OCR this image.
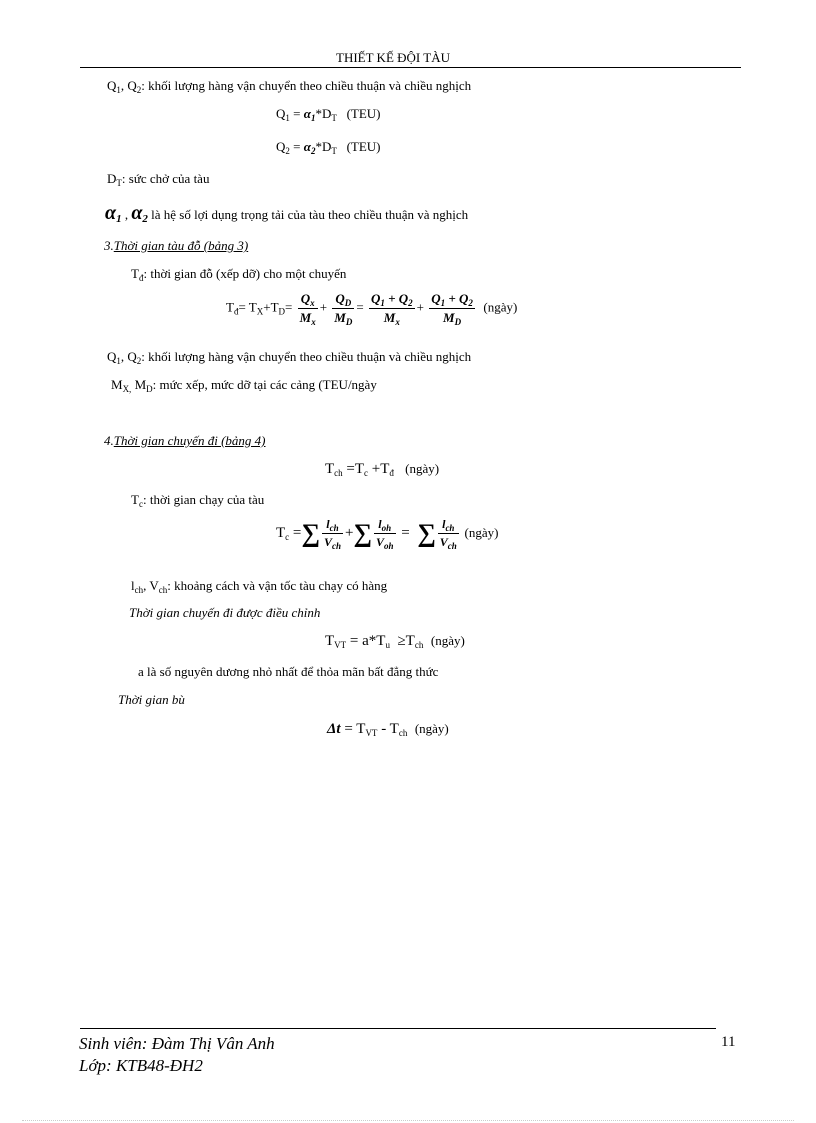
THIẾT KẾ ĐỘI TÀU
$Q_1$, $Q_2$: khối lượng hàng vận chuyển theo chiều thuận và chiều nghịch
$Q_1 = \alpha_1*D_T$ (TEU)
$Q_2 = \alpha_2*D_T$ (TEU)
$D_T$: sức chở của tàu
$\alpha_1$ , $\alpha_2$ là hệ số lợi dụng trọng tải của tàu theo chiều thuận và nghịch
3.Thời gian tàu đỗ (bảng 3)
$T_đ$: thời gian đỗ (xếp dỡ) cho một chuyến
$T_đ= T_X+T_D= \frac{Q_x}{M_x} + \frac{Q_D}{M_D} = \frac{Q_1 + Q_2}{M_x} + \frac{Q_1 + Q_2}{M_D}$ (ngày)
$Q_1$, $Q_2$: khối lượng hàng vận chuyển theo chiều thuận và chiều nghịch
$M_{X,}$ $M_D$: mức xếp, mức dỡ tại các cảng (TEU/ngày
4.Thời gian chuyến đi (bảng 4)
$T_{ch} =T_c +T_đ$ (ngày)
$T_c$: thời gian chạy của tàu
$T_c$ =∑ $\frac{l_{ch}}{V_{ch}}$ +∑ $\frac{l_{oh}}{V_{oh}}$ =  ∑ $\frac{l_{ch}}{V_{ch}}$ (ngày)
$l_{ch}$, $V_{ch}$: khoảng cách và vận tốc tàu chạy có hàng
Thời gian chuyến đi được điều chỉnh
$T_{VT} = a*T_u \ge T_{ch}$ (ngày)
a là số nguyên dương nhỏ nhất để thỏa mãn bất đẳng thức
Thời gian bù
$\Delta t = T_{VT} - T_{ch}$ (ngày)
Sinh viên: Đàm Thị Vân Anh
Lớp: KTB48-ĐH2
11
